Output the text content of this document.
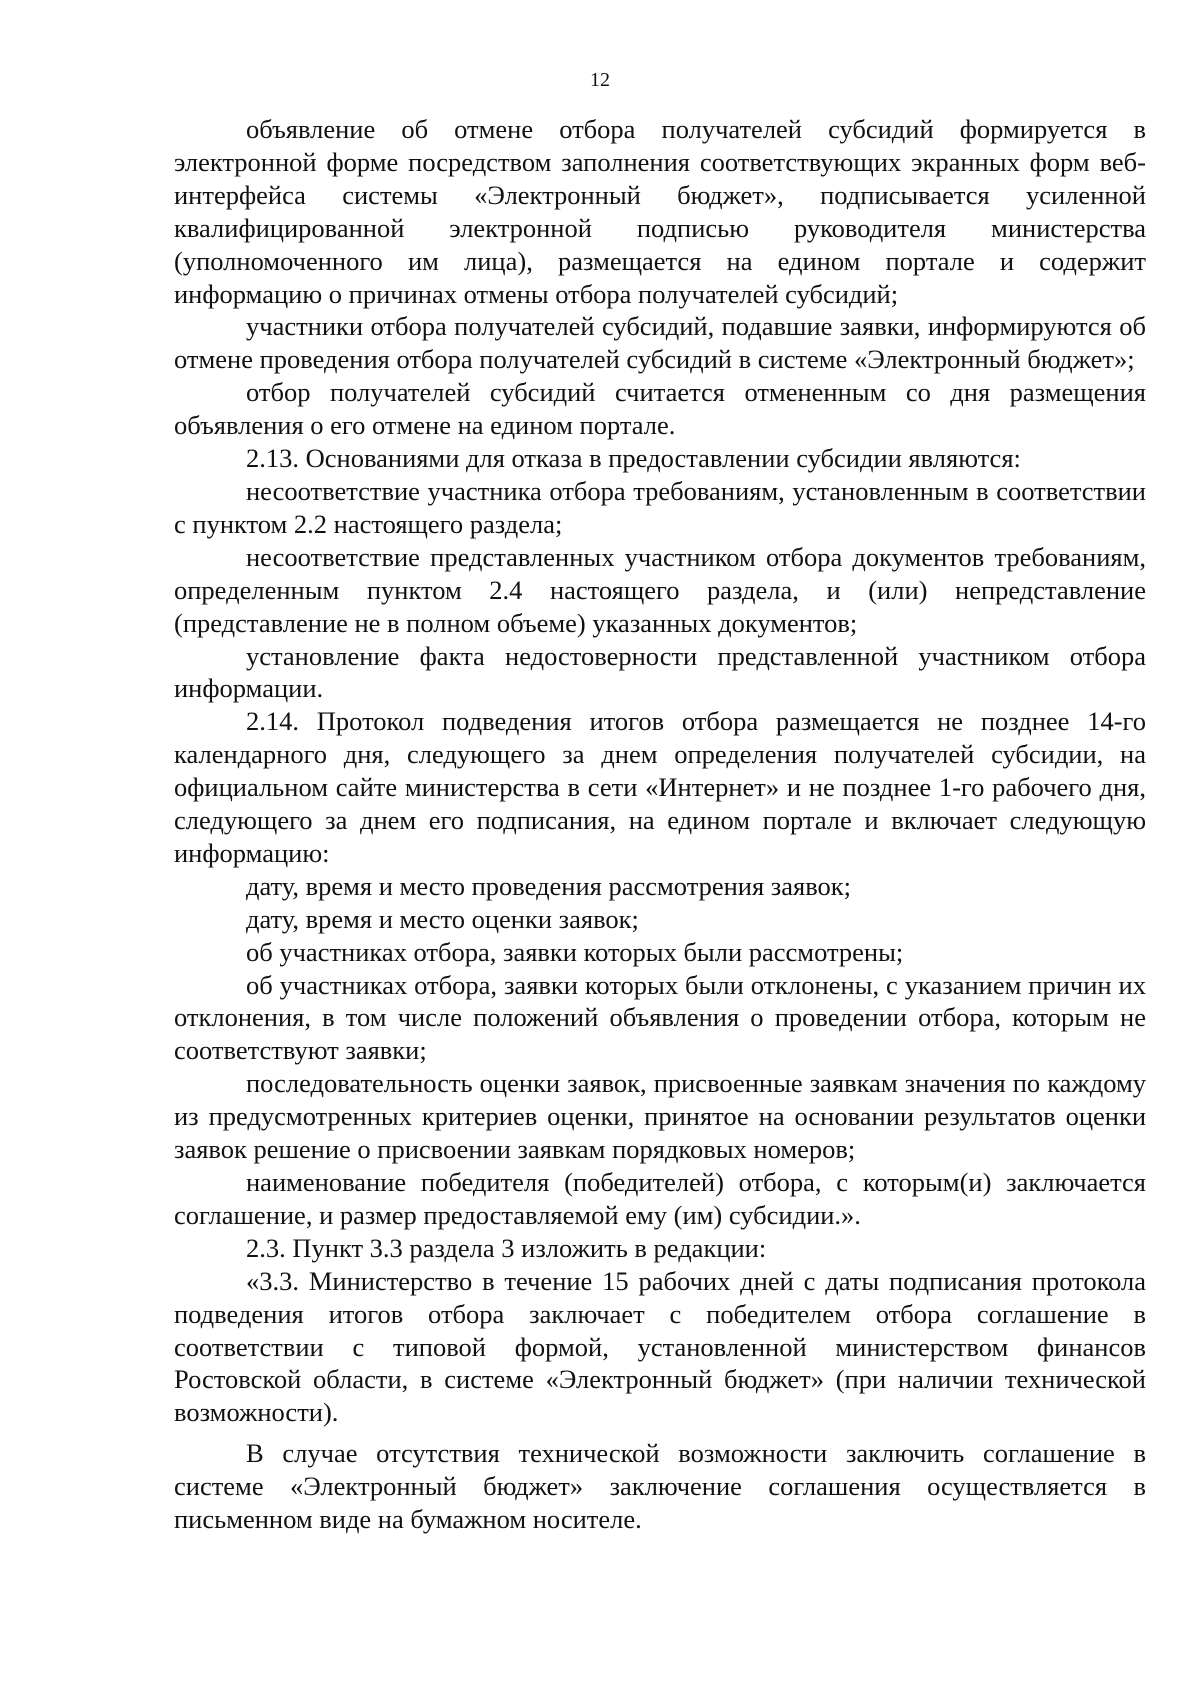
12

объявление об отмене отбора получателей субсидий формируется в электронной форме посредством заполнения соответствующих экранных форм веб-интерфейса системы «Электронный бюджет», подписывается усиленной квалифицированной электронной подписью руководителя министерства (уполномоченного им лица), размещается на едином портале и содержит информацию о причинах отмены отбора получателей субсидий;

участники отбора получателей субсидий, подавшие заявки, информируются об отмене проведения отбора получателей субсидий в системе «Электронный бюджет»;

отбор получателей субсидий считается отмененным со дня размещения объявления о его отмене на едином портале.

2.13. Основаниями для отказа в предоставлении субсидии являются:

несоответствие участника отбора требованиям, установленным в соответствии с пунктом 2.2 настоящего раздела;

несоответствие представленных участником отбора документов требованиям, определенным пунктом 2.4 настоящего раздела, и (или) непредставление (представление не в полном объеме) указанных документов;

установление факта недостоверности представленной участником отбора информации.

2.14. Протокол подведения итогов отбора размещается не позднее 14-го календарного дня, следующего за днем определения получателей субсидии, на официальном сайте министерства в сети «Интернет» и не позднее 1-го рабочего дня, следующего за днем его подписания, на едином портале и включает следующую информацию:

дату, время и место проведения рассмотрения заявок;

дату, время и место оценки заявок;

об участниках отбора, заявки которых были рассмотрены;

об участниках отбора, заявки которых были отклонены, с указанием причин их отклонения, в том числе положений объявления о проведении отбора, которым не соответствуют заявки;

последовательность оценки заявок, присвоенные заявкам значения по каждому из предусмотренных критериев оценки, принятое на основании результатов оценки заявок решение о присвоении заявкам порядковых номеров;

наименование победителя (победителей) отбора, с которым(и) заключается соглашение, и размер предоставляемой ему (им) субсидии.».

2.3. Пункт 3.3 раздела 3 изложить в редакции:

«3.3. Министерство в течение 15 рабочих дней с даты подписания протокола подведения итогов отбора заключает с победителем отбора соглашение в соответствии с типовой формой, установленной министерством финансов Ростовской области, в системе «Электронный бюджет» (при наличии технической возможности).

В случае отсутствия технической возможности заключить соглашение в системе «Электронный бюджет» заключение соглашения осуществляется в письменном виде на бумажном носителе.
